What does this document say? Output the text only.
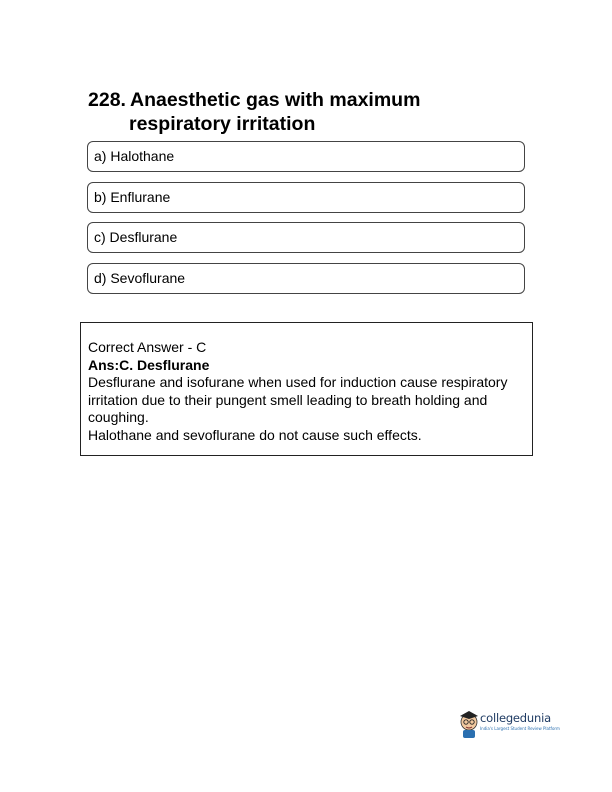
228. Anaesthetic gas with maximum
respiratory irritation
a) Halothane
b) Enflurane
c) Desflurane
d) Sevoflurane
Correct Answer - C
Ans:C. Desflurane
Desflurane and isofurane when used for induction cause respiratory irritation due to their pungent smell leading to breath holding and coughing.
Halothane and sevoflurane do not cause such effects.
collegedunia
India's Largest Student Review Platform
